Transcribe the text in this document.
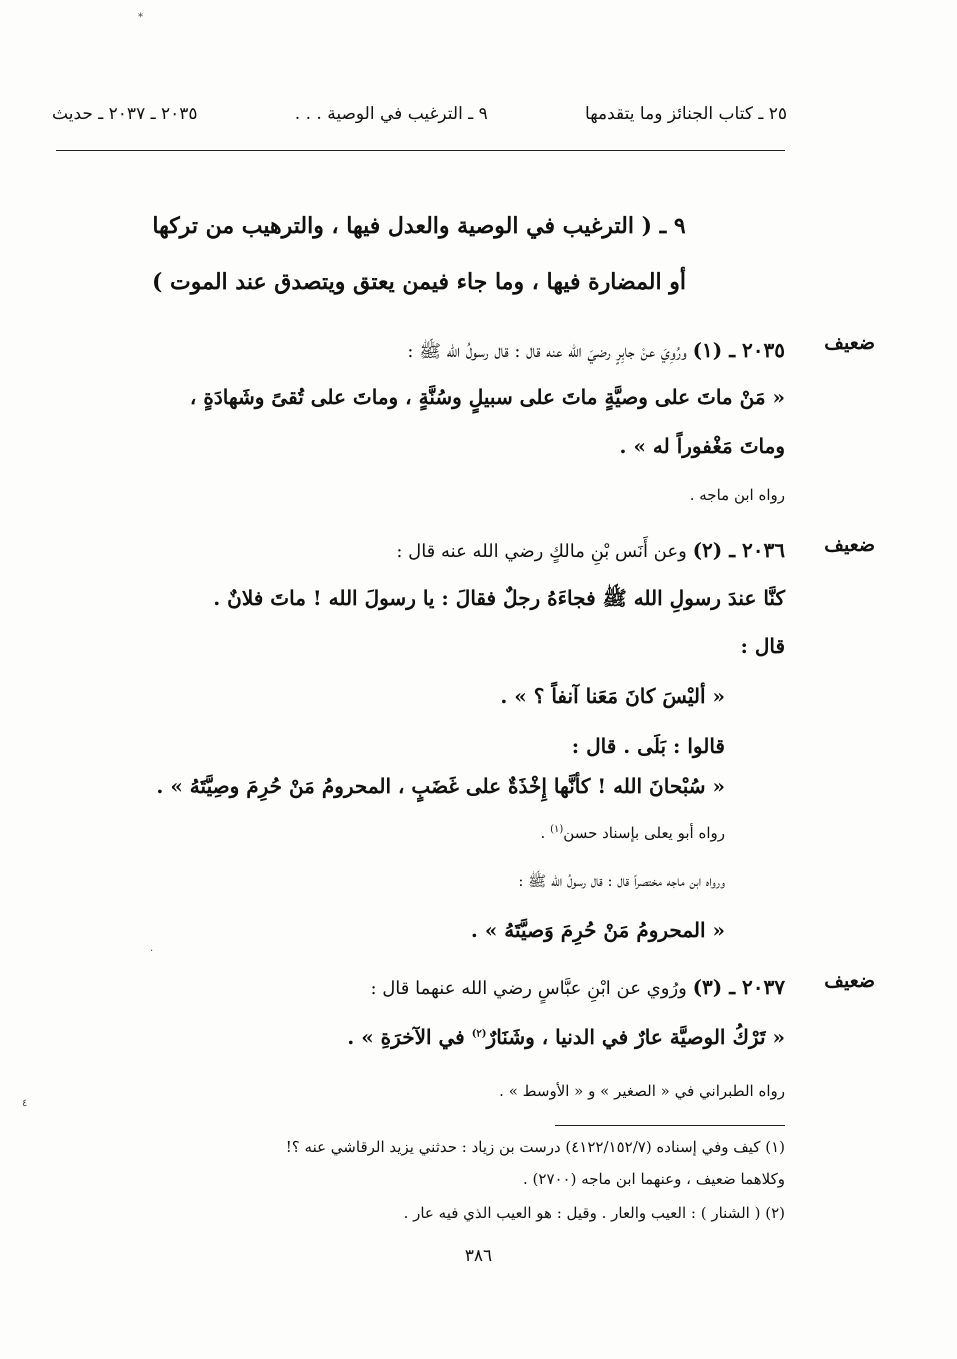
*
٢٥ ـ كتاب الجنائز وما يتقدمها
٩ ـ الترغيب في الوصية . . .
٢٠٣٥ ـ ٢٠٣٧ ـ حديث
٩ ـ ( الترغيب في الوصية والعدل فيها ، والترهيب من تركها
أو المضارة فيها ، وما جاء فيمن يعتق ويتصدق عند الموت )
ضعيف
٢٠٣٥ ـ (١) ورُوِيَ عنْ جابِرٍ رضيَ الله عنه قال : قال رسولُ الله ﷺ :
« مَنْ ماتَ على وصيَّةٍ ماتَ على سبيلٍ وسُنَّةٍ ، وماتَ على تُقىً وشَهادَةٍ ،
وماتَ مَغْفوراً له » .
رواه ابن ماجه .
ضعيف
٢٠٣٦ ـ (٢) وعن أَنَس بْنِ مالكٍ رضي الله عنه قال :
كنَّا عندَ رسولِ الله ﷺ فجاءَهُ رجلٌ فقالَ : يا رسولَ الله ! ماتَ فلانٌ .
قال :
« أليْسَ كانَ مَعَنا آنفاً ؟ » .
قالوا : بَلَى . قال :
« سُبْحانَ الله ! كأنَّها إِخْذَةٌ على غَضَبٍ ، المحرومُ مَنْ حُرِمَ وصِيَّتَهُ » .
رواه أبو يعلى بإسناد حسن$^{(١)}$ .
ورواه ابن ماجه مختصراً قال : قال رسولُ الله ﷺ :
« المحرومُ مَنْ حُرِمَ وَصيَّتَهُ » .
·
ضعيف
٢٠٣٧ ـ (٣) ورُوي عن ابْنِ عبَّاسٍ رضي الله عنهما قال :
« تَرْكُ الوصيَّة عارٌ في الدنيا ، وشَنَارٌ$^{(٢)}$ في الآخرَةِ » .
رواه الطبراني في « الصغير » و « الأوسط » .
٤
(١) كيف وفي إسناده (٤١٢٢/١٥٢/٧) درست بن زياد : حدثني يزيد الرقاشي عنه ؟!
وكلاهما ضعيف ، وعنهما ابن ماجه (٢٧٠٠) .
(٢) ( الشنار ) : العيب والعار . وقيل : هو العيب الذي فيه عار .
٣٨٦
